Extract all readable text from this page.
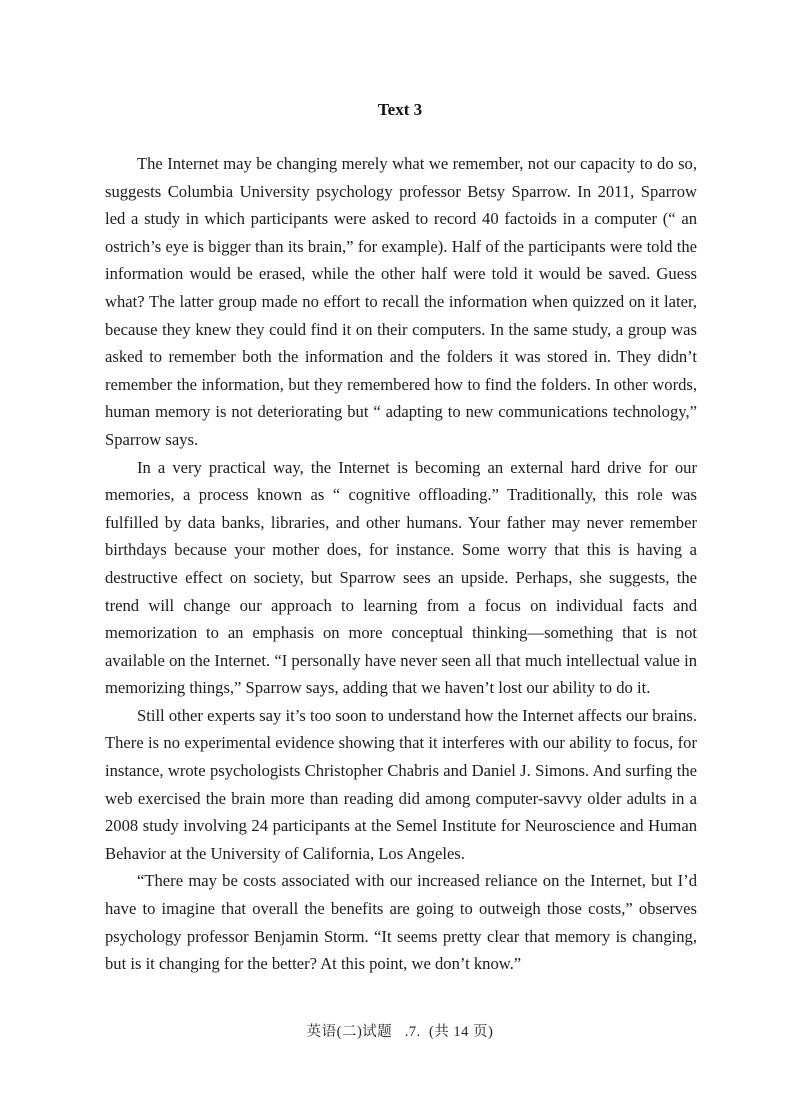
Text 3

The Internet may be changing merely what we remember, not our capacity to do so, suggests Columbia University psychology professor Betsy Sparrow. In 2011, Sparrow led a study in which participants were asked to record 40 factoids in a computer (“ an ostrich’s eye is bigger than its brain,” for example). Half of the participants were told the information would be erased, while the other half were told it would be saved. Guess what? The latter group made no effort to recall the information when quizzed on it later, because they knew they could find it on their computers. In the same study, a group was asked to remember both the information and the folders it was stored in. They didn’t remember the information, but they remembered how to find the folders. In other words, human memory is not deteriorating but “ adapting to new communications technology,” Sparrow says.

In a very practical way, the Internet is becoming an external hard drive for our memories, a process known as “ cognitive offloading.” Traditionally, this role was fulfilled by data banks, libraries, and other humans. Your father may never remember birthdays because your mother does, for instance. Some worry that this is having a destructive effect on society, but Sparrow sees an upside. Perhaps, she suggests, the trend will change our approach to learning from a focus on individual facts and memorization to an emphasis on more conceptual thinking—something that is not available on the Internet. “I personally have never seen all that much intellectual value in memorizing things,” Sparrow says, adding that we haven’t lost our ability to do it.

Still other experts say it’s too soon to understand how the Internet affects our brains. There is no experimental evidence showing that it interferes with our ability to focus, for instance, wrote psychologists Christopher Chabris and Daniel J. Simons. And surfing the web exercised the brain more than reading did among computer-savvy older adults in a 2008 study involving 24 participants at the Semel Institute for Neuroscience and Human Behavior at the University of California, Los Angeles.

“There may be costs associated with our increased reliance on the Internet, but I’d have to imagine that overall the benefits are going to outweigh those costs,” observes psychology professor Benjamin Storm. “It seems pretty clear that memory is changing, but is it changing for the better? At this point, we don’t know.”

英语(二)试题 .7. (共 14 页)
